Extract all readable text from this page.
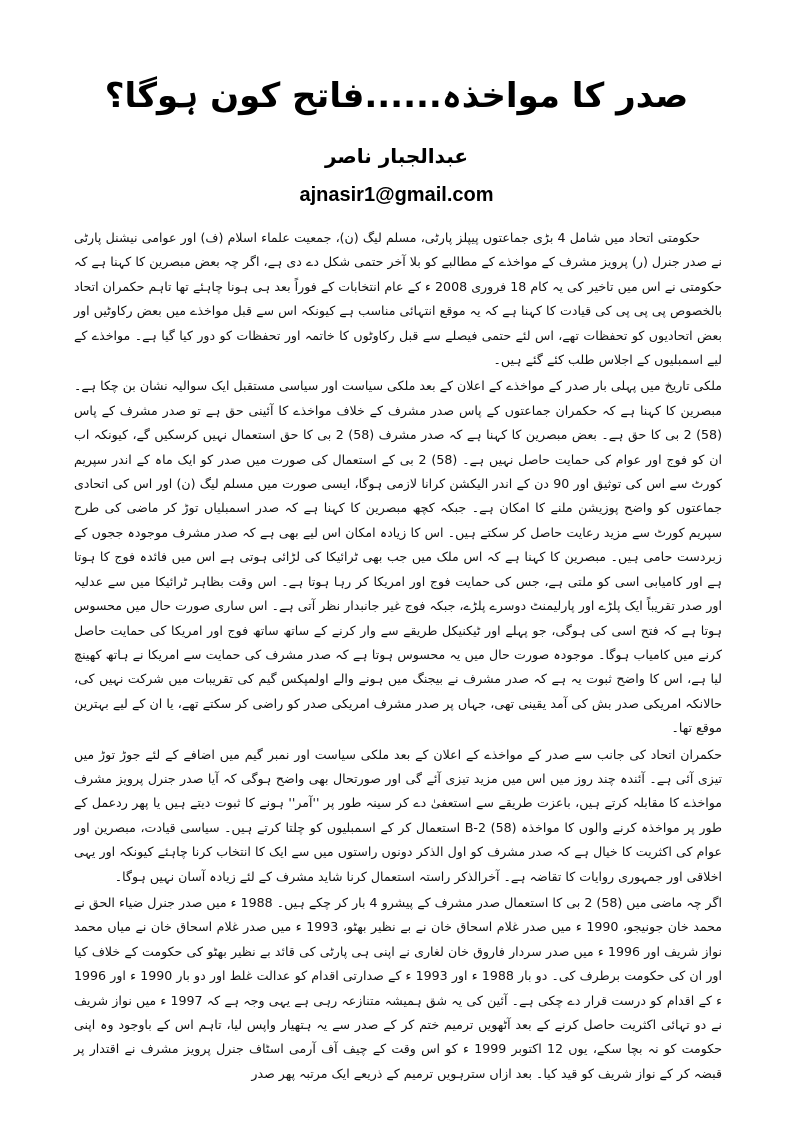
صدر کا مواخذہ......فاتح کون ہوگا؟
عبدالجبار ناصر
ajnasir1@gmail.com

حکومتی اتحاد میں شامل 4 بڑی جماعتوں پیپلز پارٹی، مسلم لیگ (ن)، جمعیت علماء اسلام (ف) اور عوامی نیشنل پارٹی نے صدر جنرل (ر) پرویز مشرف کے مواخذے کے مطالبے کو بلا آخر حتمی شکل دے دی ہے، اگر چہ بعض مبصرین کا کہنا ہے کہ حکومتی نے اس میں تاخیر کی یہ کام 18 فروری 2008 ء کے عام انتخابات کے فوراً بعد ہی ہونا چاہئے تھا تاہم حکمران اتحاد بالخصوص پی پی پی کی قیادت کا کہنا ہے کہ یہ موقع انتہائی مناسب ہے کیونکہ اس سے قبل مواخذے میں بعض رکاوٹیں اور بعض اتحادیوں کو تحفظات تھے، اس لئے حتمی فیصلے سے قبل رکاوٹوں کا خاتمہ اور تحفظات کو دور کیا گیا ہے۔ مواخذے کے لیے اسمبلیوں کے اجلاس طلب کئے گئے ہیں۔

ملکی تاریخ میں پہلی بار صدر کے مواخذے کے اعلان کے بعد ملکی سیاست اور سیاسی مستقبل ایک سوالیہ نشان بن چکا ہے۔ مبصرین کا کہنا ہے کہ حکمران جماعتوں کے پاس صدر مشرف کے خلاف مواخذے کا آئینی حق ہے تو صدر مشرف کے پاس (58) 2 بی کا حق ہے۔ بعض مبصرین کا کہنا ہے کہ صدر مشرف (58) 2 بی کا حق استعمال نہیں کرسکیں گے، کیونکہ اب ان کو فوج اور عوام کی حمایت حاصل نہیں ہے۔ (58) 2 بی کے استعمال کی صورت میں صدر کو ایک ماہ کے اندر سپریم کورٹ سے اس کی توثیق اور 90 دن کے اندر الیکشن کرانا لازمی ہوگا، ایسی صورت میں مسلم لیگ (ن) اور اس کی اتحادی جماعتوں کو واضح پوزیشن ملنے کا امکان ہے۔ جبکہ کچھ مبصرین کا کہنا ہے کہ صدر اسمبلیاں توڑ کر ماضی کی طرح سپریم کورٹ سے مزید رعایت حاصل کر سکتے ہیں۔ اس کا زیادہ امکان اس لیے بھی ہے کہ صدر مشرف موجودہ ججوں کے زبردست حامی ہیں۔ مبصرین کا کہنا ہے کہ اس ملک میں جب بھی ٹرائیکا کی لڑائی ہوتی ہے اس میں فائدہ فوج کا ہوتا ہے اور کامیابی اسی کو ملتی ہے، جس کی حمایت فوج اور امریکا کر رہا ہوتا ہے۔ اس وقت بظاہر ٹرائیکا میں سے عدلیہ اور صدر تقریباً ایک پلڑے اور پارلیمنٹ دوسرے پلڑے، جبکہ فوج غیر جانبدار نظر آتی ہے۔ اس ساری صورت حال میں محسوس ہوتا ہے کہ فتح اسی کی ہوگی، جو پہلے اور ٹیکنیکل طریقے سے وار کرنے کے ساتھ ساتھ فوج اور امریکا کی حمایت حاصل کرنے میں کامیاب ہوگا۔ موجودہ صورت حال میں یہ محسوس ہوتا ہے کہ صدر مشرف کی حمایت سے امریکا نے ہاتھ کھینچ لیا ہے، اس کا واضح ثبوت یہ ہے کہ صدر مشرف نے بیجنگ میں ہونے والے اولمپکس گیم کی تقریبات میں شرکت نہیں کی، حالانکہ امریکی صدر بش کی آمد یقینی تھی، جہاں پر صدر مشرف امریکی صدر کو راضی کر سکتے تھے، یا ان کے لیے بہترین موقع تھا۔

حکمران اتحاد کی جانب سے صدر کے مواخذے کے اعلان کے بعد ملکی سیاست اور نمبر گیم میں اضافے کے لئے جوڑ توڑ میں تیزی آئی ہے۔ آئندہ چند روز میں اس میں مزید تیزی آئے گی اور صورتحال بھی واضح ہوگی کہ آیا صدر جنرل پرویز مشرف مواخذے کا مقابلہ کرتے ہیں، باعزت طریقے سے استعفیٰ دے کر سینہ طور پر ''آمر'' ہونے کا ثبوت دیتے ہیں یا پھر ردعمل کے طور پر مواخذہ کرنے والوں کا مواخذہ (58) B-2 استعمال کر کے اسمبلیوں کو چلتا کرتے ہیں۔ سیاسی قیادت، مبصرین اور عوام کی اکثریت کا خیال ہے کہ صدر مشرف کو اول الذکر دونوں راستوں میں سے ایک کا انتخاب کرنا چاہئے کیونکہ اور یہی اخلاقی اور جمہوری روایات کا تقاضہ ہے۔ آخرالذکر راستہ استعمال کرنا شاید مشرف کے لئے زیادہ آسان نہیں ہوگا۔

اگر چہ ماضی میں (58) 2 بی کا استعمال صدر مشرف کے پیشرو 4 بار کر چکے ہیں۔ 1988 ء میں صدر جنرل ضیاء الحق نے محمد خان جونیجو، 1990 ء میں صدر غلام اسحاق خان نے بے نظیر بھٹو، 1993 ء میں صدر غلام اسحاق خان نے میاں محمد نواز شریف اور 1996 ء میں صدر سردار فاروق خان لغاری نے اپنی ہی پارٹی کی قائد بے نظیر بھٹو کی حکومت کے خلاف کیا اور ان کی حکومت برطرف کی۔ دو بار 1988 ء اور 1993 ء کے صدارتی اقدام کو عدالت غلط اور دو بار 1990 ء اور 1996 ء کے اقدام کو درست قرار دے چکی ہے۔ آئین کی یہ شق ہمیشہ متنازعہ رہی ہے یہی وجہ ہے کہ 1997 ء میں نواز شریف نے دو تہائی اکثریت حاصل کرنے کے بعد آٹھویں ترمیم ختم کر کے صدر سے یہ ہتھیار واپس لیا، تاہم اس کے باوجود وہ اپنی حکومت کو نہ بچا سکے، یوں 12 اکتوبر 1999 ء کو اس وقت کے چیف آف آرمی اسٹاف جنرل پرویز مشرف نے اقتدار پر قبضہ کر کے نواز شریف کو قید کیا۔ بعد ازاں سترہویں ترمیم کے ذریعے ایک مرتبہ پھر صدر
